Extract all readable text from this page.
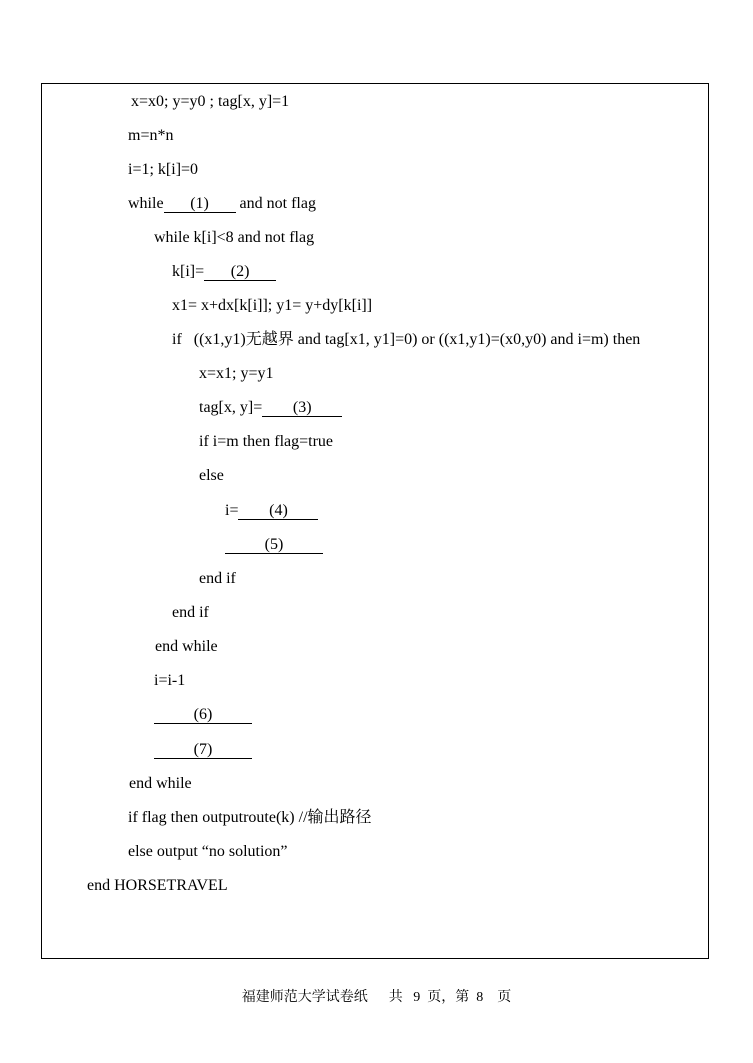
x=x0; y=y0 ; tag[x, y]=1
m=n*n
i=1; k[i]=0
while (1) and not flag
while k[i]<8 and not flag
k[i]= (2)
x1= x+dx[k[i]]; y1= y+dy[k[i]]
if   ((x1,y1)无越界 and tag[x1, y1]=0) or ((x1,y1)=(x0,y0) and i=m) then
x=x1; y=y1
tag[x, y]= (3)
if i=m then flag=true
else
i= (4)
(5)
end if
end if
end while
i=i-1
(6)
(7)
end while
if flag then outputroute(k) //输出路径
else output “no solution”
end HORSETRAVEL
福建师范大学试卷纸      共   9  页，第  8    页
